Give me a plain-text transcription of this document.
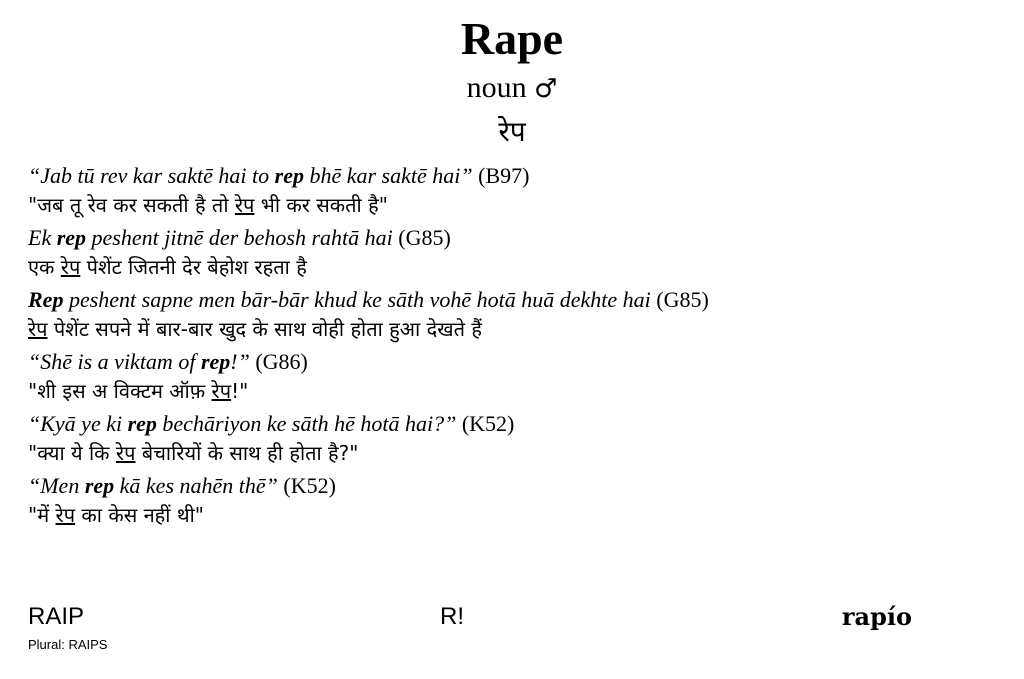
Rape
noun ♂
रेप
“Jab tū rev kar saktē hai to rep bhē kar saktē hai” (B97)
"जब तू रेव कर सकती है तो रेप भी कर सकती है"
Ek rep peshent jitnē der behosh rahtā hai (G85)
एक रेप पेशेंट जितनी देर बेहोश रहता है
Rep peshent sapne men bār-bār khud ke sāth vohē hotā huā dekhte hai (G85)
रेप पेशेंट सपने में बार-बार खुद के साथ वोही होता हुआ देखते हैं
“Shē is a viktam of rep!” (G86)
"शी इस अ विक्टम ऑफ़ रेप!"
“Kyā ye ki rep bechāriyon ke sāth hē hotā hai?” (K52)
"क्या ये कि रेप बेचारियों के साथ ही होता है?"
“Men rep kā kes nahēn thē” (K52)
"में रेप का केस नहीं थी"
RAIP
Plural: RAIPS
R!	rapío
